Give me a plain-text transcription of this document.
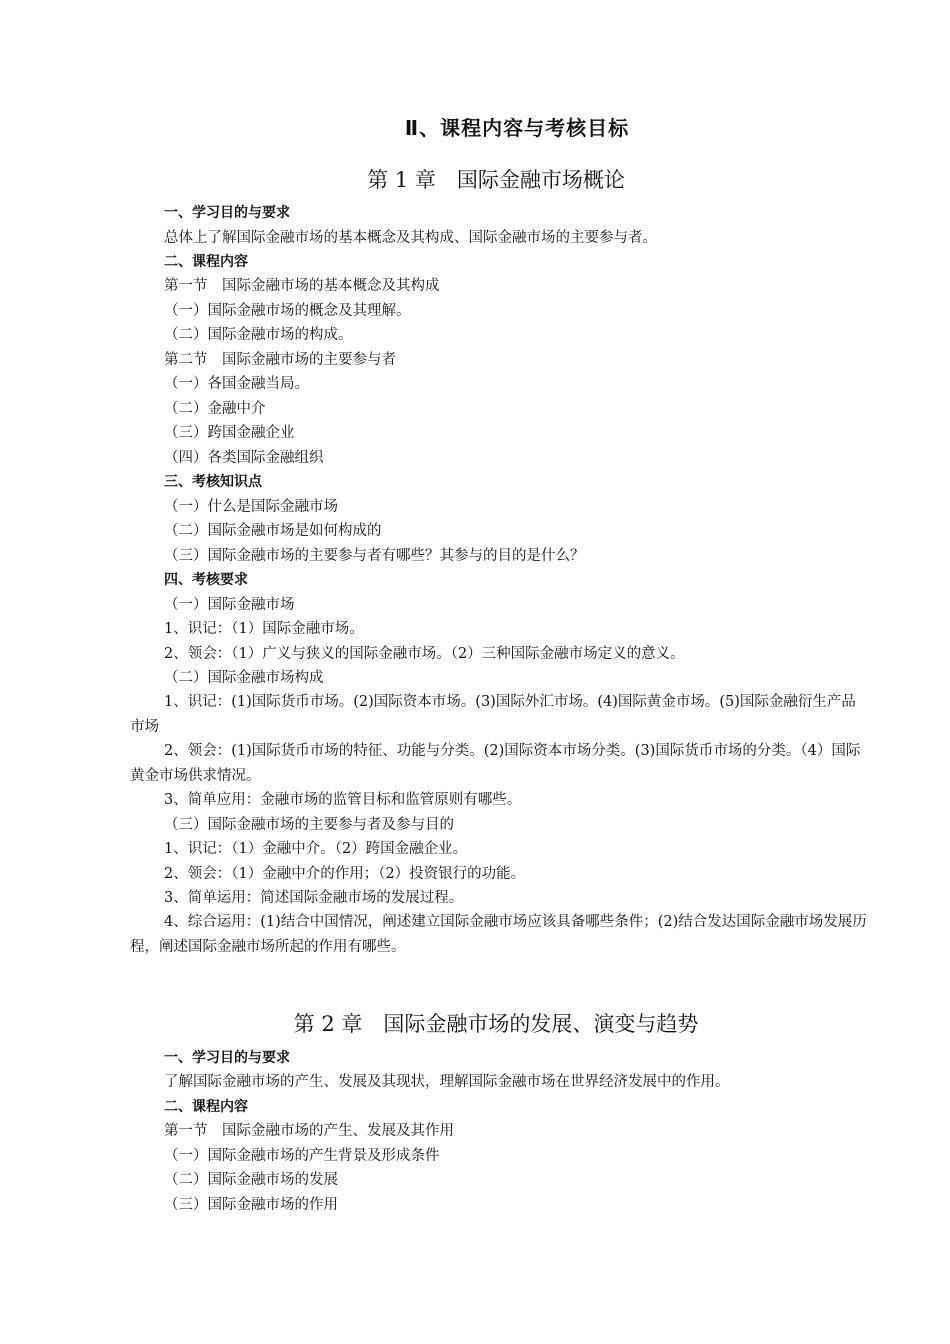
Ⅱ、课程内容与考核目标
第 1 章　国际金融市场概论
一、学习目的与要求
总体上了解国际金融市场的基本概念及其构成、国际金融市场的主要参与者。
二、课程内容
第一节　国际金融市场的基本概念及其构成
（一）国际金融市场的概念及其理解。
（二）国际金融市场的构成。
第二节　国际金融市场的主要参与者
（一）各国金融当局。
（二）金融中介
（三）跨国金融企业
（四）各类国际金融组织
三、考核知识点
（一）什么是国际金融市场
（二）国际金融市场是如何构成的
（三）国际金融市场的主要参与者有哪些？其参与的目的是什么？
四、考核要求
（一）国际金融市场
1、识记：（1）国际金融市场。
2、领会：（1）广义与狭义的国际金融市场。（2）三种国际金融市场定义的意义。
（二）国际金融市场构成
1、识记：(1)国际货币市场。(2)国际资本市场。(3)国际外汇市场。(4)国际黄金市场。(5)国际金融衍生产品市场
2、领会：(1)国际货币市场的特征、功能与分类。(2)国际资本市场分类。(3)国际货币市场的分类。（4）国际黄金市场供求情况。
3、简单应用：金融市场的监管目标和监管原则有哪些。
（三）国际金融市场的主要参与者及参与目的
1、识记：（1）金融中介。（2）跨国金融企业。
2、领会：（1）金融中介的作用；（2）投资银行的功能。
3、简单运用：简述国际金融市场的发展过程。
4、综合运用：(1)结合中国情况，阐述建立国际金融市场应该具备哪些条件；(2)结合发达国际金融市场发展历程，阐述国际金融市场所起的作用有哪些。
第 2 章　国际金融市场的发展、演变与趋势
一、学习目的与要求
了解国际金融市场的产生、发展及其现状，理解国际金融市场在世界经济发展中的作用。
二、课程内容
第一节　国际金融市场的产生、发展及其作用
（一）国际金融市场的产生背景及形成条件
（二）国际金融市场的发展
（三）国际金融市场的作用
